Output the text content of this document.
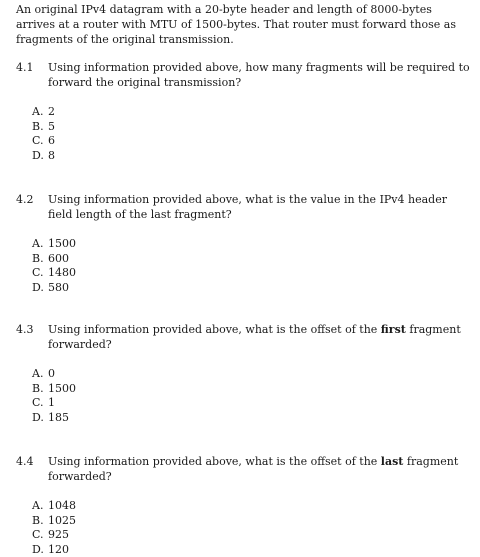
An original IPv4 datagram with a 20-byte header and length of 8000-bytes arrives at a router with MTU of 1500-bytes. That router must forward those as fragments of the original transmission.
4.1	Using information provided above, how many fragments will be required to forward the original transmission?
A. 2
B. 5
C. 6
D. 8
4.2	Using information provided above, what is the value in the IPv4 header field length of the last fragment?
A. 1500
B. 600
C. 1480
D. 580
4.3	Using information provided above, what is the offset of the first fragment forwarded?
A. 0
B. 1500
C. 1
D. 185
4.4	Using information provided above, what is the offset of the last fragment forwarded?
A. 1048
B. 1025
C. 925
D. 120
